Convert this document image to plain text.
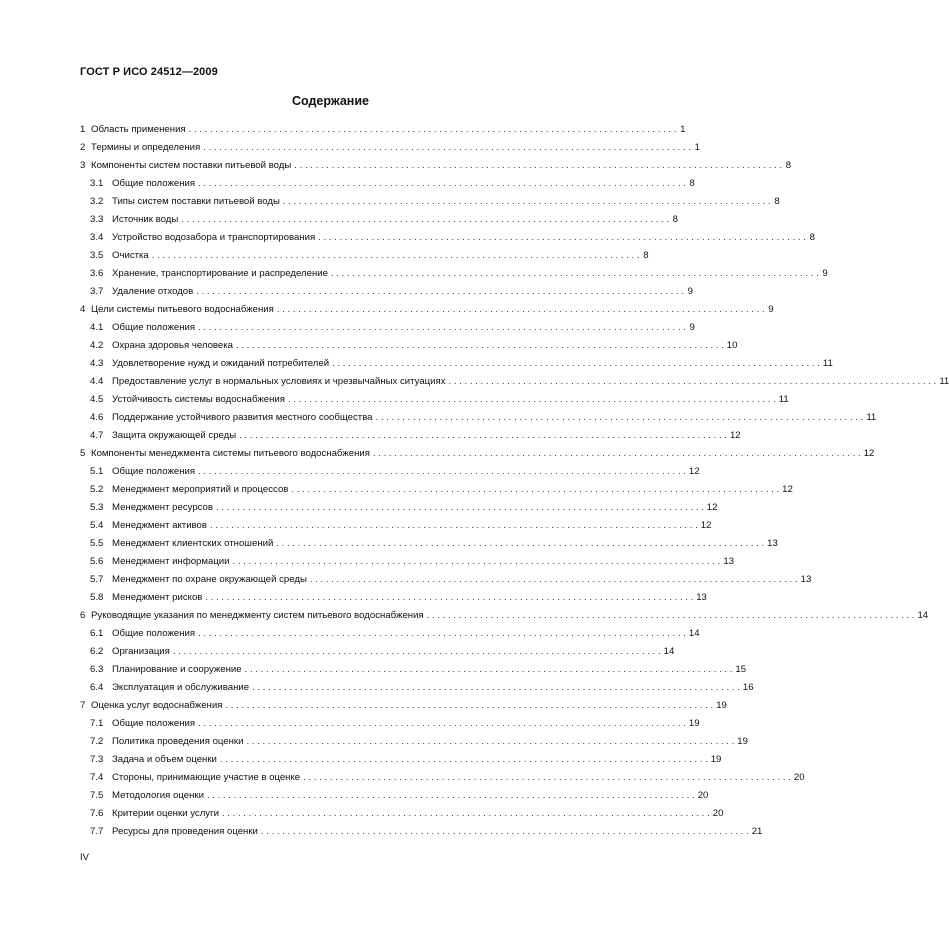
ГОСТ Р ИСО 24512—2009
Содержание
1 Область применения . . .	1
2 Термины и определения . . .	1
3 Компоненты систем поставки питьевой воды . . .	8
3.1 Общие положения . . .	8
3.2 Типы систем поставки питьевой воды . . .	8
3.3 Источник воды . . .	8
3.4 Устройство водозабора и транспортирования . . .	8
3.5 Очистка . . .	8
3.6 Хранение, транспортирование и распределение . . .	9
3.7 Удаление отходов . . .	9
4 Цели системы питьевого водоснабжения . . .	9
4.1 Общие положения . . .	9
4.2 Охрана здоровья человека . . .	10
4.3 Удовлетворение нужд и ожиданий потребителей . . .	11
4.4 Предоставление услуг в нормальных условиях и чрезвычайных ситуациях . . .	11
4.5 Устойчивость системы водоснабжения . . .	11
4.6 Поддержание устойчивого развития местного сообщества . . .	11
4.7 Защита окружающей среды . . .	12
5 Компоненты менеджмента системы питьевого водоснабжения . . .	12
5.1 Общие положения . . .	12
5.2 Менеджмент мероприятий и процессов . . .	12
5.3 Менеджмент ресурсов . . .	12
5.4 Менеджмент активов . . .	12
5.5 Менеджмент клиентских отношений . . .	13
5.6 Менеджмент информации . . .	13
5.7 Менеджмент по охране окружающей среды . . .	13
5.8 Менеджмент рисков . . .	13
6 Руководящие указания по менеджменту систем питьевого водоснабжения . . .	14
6.1 Общие положения . . .	14
6.2 Организация . . .	14
6.3 Планирование и сооружение . . .	15
6.4 Эксплуатация и обслуживание . . .	16
7 Оценка услуг водоснабжения . . .	19
7.1 Общие положения . . .	19
7.2 Политика проведения оценки . . .	19
7.3 Задача и объем оценки . . .	19
7.4 Стороны, принимающие участие в оценке . . .	20
7.5 Методология оценки . . .	20
7.6 Критерии оценки услуги . . .	20
7.7 Ресурсы для проведения оценки . . .	21
IV
